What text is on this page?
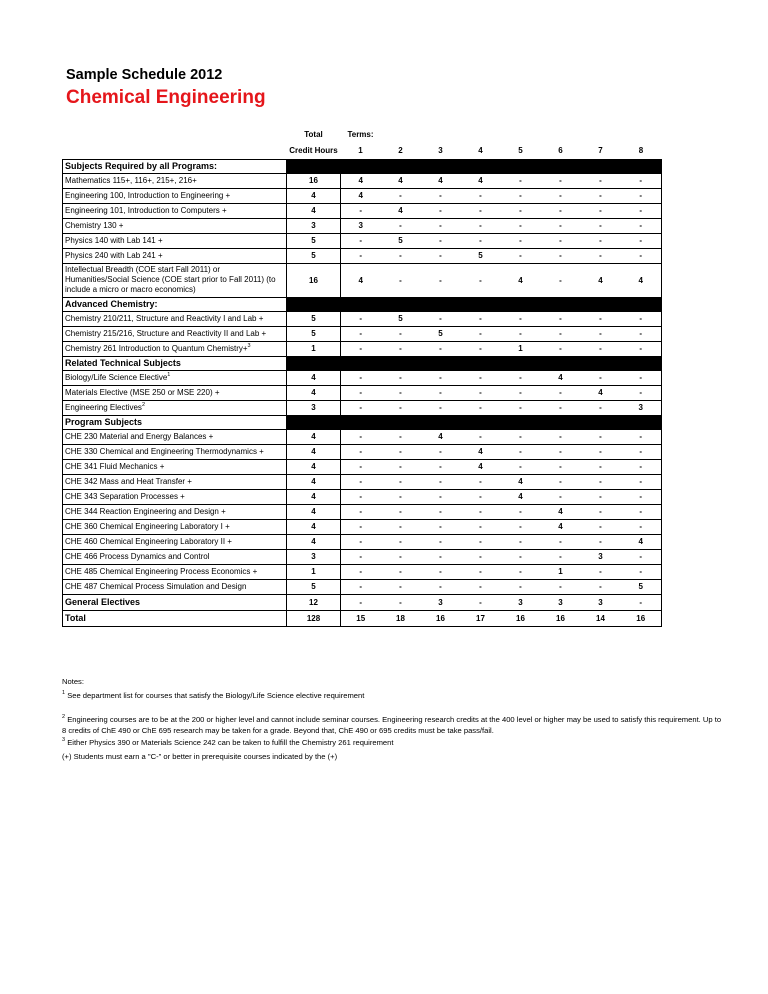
Sample Schedule 2012
Chemical Engineering
	Total	Terms:							
	Credit Hours	1	2	3	4	5	6	7	8
Subjects Required by all Programs:									
Mathematics 115+, 116+, 215+, 216+	16	4	4	4	4	-	-	-	-
Engineering 100, Introduction to Engineering +	4	4	-	-	-	-	-	-	-
Engineering 101, Introduction to Computers +	4	-	4	-	-	-	-	-	-
Chemistry 130 +	3	3	-	-	-	-	-	-	-
Physics 140 with Lab 141 +	5	-	5	-	-	-	-	-	-
Physics 240 with Lab 241 +	5	-	-	-	5	-	-	-	-
Intellectual Breadth (COE start Fall 2011) or Humanities/Social Science (COE start prior to Fall 2011) (to include a micro or macro economics)	16	4	-	-	-	4	-	4	4
Advanced Chemistry:									
Chemistry 210/211, Structure and Reactivity I and Lab +	5	-	5	-	-	-	-	-	-
Chemistry 215/216, Structure and Reactivity II and Lab +	5	-	-	5	-	-	-	-	-
Chemistry 261 Introduction to Quantum Chemistry+$^3$	1	-	-	-	-	1	-	-	-
Related Technical Subjects									
Biology/Life Science Elective$^1$	4	-	-	-	-	-	4	-	-
Materials Elective (MSE 250 or MSE 220) +	4	-	-	-	-	-	-	4	-
Engineering Electives$^2$	3	-	-	-	-	-	-	-	3
Program Subjects									
CHE 230 Material and Energy Balances +	4	-	-	4	-	-	-	-	-
CHE 330 Chemical and Engineering Thermodynamics +	4	-	-	-	4	-	-	-	-
CHE 341 Fluid Mechanics +	4	-	-	-	4	-	-	-	-
CHE 342 Mass and Heat Transfer +	4	-	-	-	-	4	-	-	-
CHE 343 Separation Processes +	4	-	-	-	-	4	-	-	-
CHE 344 Reaction Engineering and Design +	4	-	-	-	-	-	4	-	-
CHE 360 Chemical Engineering Laboratory I +	4	-	-	-	-	-	4	-	-
CHE 460 Chemical Engineering Laboratory II +	4	-	-	-	-	-	-	-	4
CHE 466 Process Dynamics and Control	3	-	-	-	-	-	-	3	-
CHE 485 Chemical Engineering Process Economics +	1	-	-	-	-	-	1	-	-
CHE 487 Chemical Process Simulation and Design	5	-	-	-	-	-	-	-	5
General Electives	12	-	-	3	-	3	3	3	-
Total	128	15	18	16	17	16	16	14	16

Notes:

$^1$ See department list for courses that satisfy the Biology/Life Science elective requirement

$^2$ Engineering courses are to be at the 200 or higher level and cannot include seminar courses. Engineering research credits at the 400 level or higher may be used to satisfy this requirement. Up to 8 credits of ChE 490 or ChE 695 research may be taken for a grade. Beyond that, ChE 490 or 695 credits must be take pass/fail.

$^3$ Either Physics 390 or Materials Science 242 can be taken to fulfill the Chemistry 261 requirement

(+) Students must earn a "C-" or better in prerequisite courses indicated by the (+)
